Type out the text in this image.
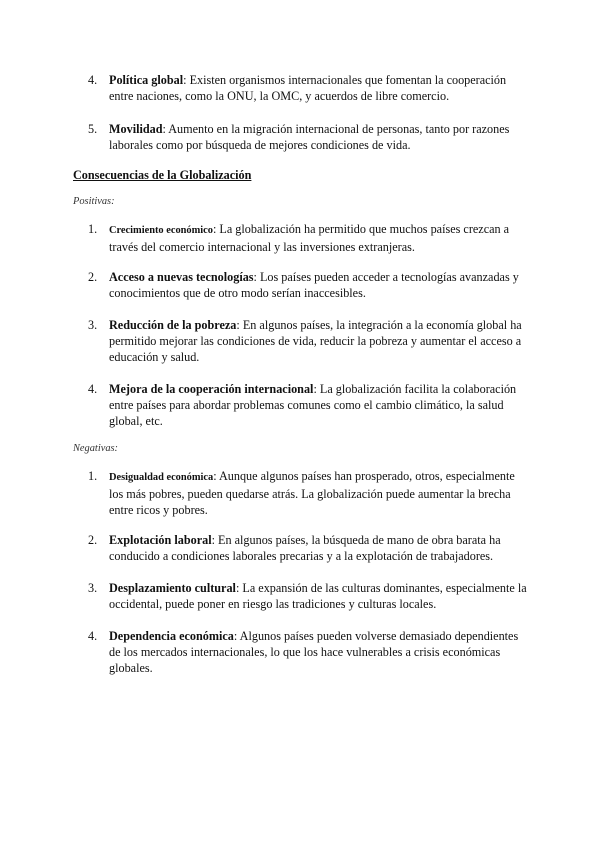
4. Política global: Existen organismos internacionales que fomentan la cooperación entre naciones, como la ONU, la OMC, y acuerdos de libre comercio.
5. Movilidad: Aumento en la migración internacional de personas, tanto por razones laborales como por búsqueda de mejores condiciones de vida.
Consecuencias de la Globalización
Positivas:
1.	Crecimiento económico: La globalización ha permitido que muchos países crezcan a través del comercio internacional y las inversiones extranjeras.
2. Acceso a nuevas tecnologías: Los países pueden acceder a tecnologías avanzadas y conocimientos que de otro modo serían inaccesibles.
3. Reducción de la pobreza: En algunos países, la integración a la economía global ha permitido mejorar las condiciones de vida, reducir la pobreza y aumentar el acceso a educación y salud.
4. Mejora de la cooperación internacional: La globalización facilita la colaboración entre países para abordar problemas comunes como el cambio climático, la salud global, etc.
Negativas:
1.	Desigualdad económica: Aunque algunos países han prosperado, otros, especialmente los más pobres, pueden quedarse atrás. La globalización puede aumentar la brecha entre ricos y pobres.
2. Explotación laboral: En algunos países, la búsqueda de mano de obra barata ha conducido a condiciones laborales precarias y a la explotación de trabajadores.
3. Desplazamiento cultural: La expansión de las culturas dominantes, especialmente la occidental, puede poner en riesgo las tradiciones y culturas locales.
4. Dependencia económica: Algunos países pueden volverse demasiado dependientes de los mercados internacionales, lo que los hace vulnerables a crisis económicas globales.
